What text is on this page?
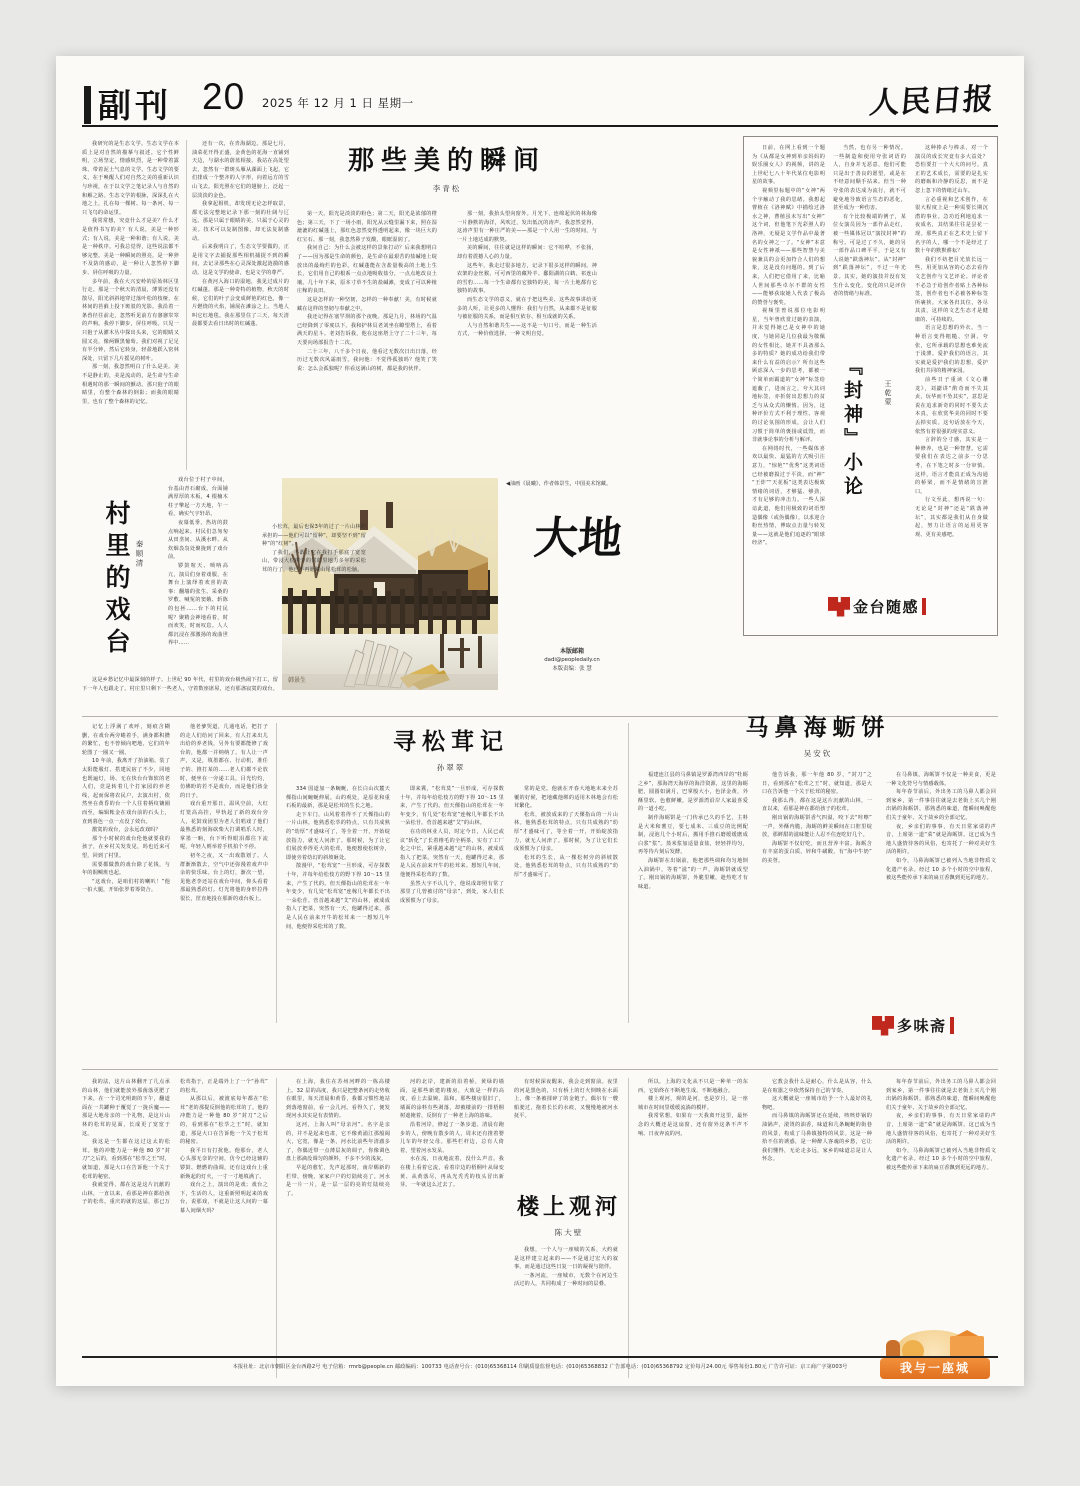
副刊 20 2025 年 12 月 1 日 星期一	人民日报

我研究的是生态文学。生态文学在本质上是对自然的描摹与叙述。它个性鲜明，立场坚定，情感炽烈，是一种带着露珠、带着泥土气息的文学。生态文学的要义，在于唤醒人们对自然之美的重新认识与珍视，在于以文学之笔记录人与自然的和解之路。生态文学的根脉，深深扎在大地之上，扎在每一棵树、每一条河、每一只飞鸟的命运里。

我常常想，究竟什么才是美？什么才是值得书写的美？有人说，美是一种形式；有人说，美是一种和谐；有人说，美是一种秩序。可我总觉得，这些说法都不够完整。美是一种瞬间的照亮，是一种猝不及防的感动，是一种让人忽然停下脚步、屏住呼吸的力量。

多年前，我在大兴安岭的原始林区里行走。那是一个秋天的清晨，薄雾还没有散尽，阳光斜斜地穿过落叶松的枝桠，在林间的苔藓上投下斑驳的光影。我沿着一条兽径往前走，忽然听见前方有窸窸窣窣的声响。我停下脚步，屏住呼吸。只见一只狍子从灌木丛中探出头来，它的眼睛又圆又亮，像两颗黑葡萄。我们对视了足足有半分钟，然后它转身，轻盈地跃入密林深处，只留下几片摇晃的树叶。

那一刻，我忽然明白了什么是美。美不是静止的，美是流动的，是生命与生命相遇时的那一瞬间的颤动。那只狍子的眼睛里，有整个森林的倒影；而我的眼睛里，也有了整个森林的记忆。

还有一次，在青海湖边。那是七月，油菜花开得正盛，金黄色的花海一直铺到天边，与湖水的蔚蓝相接。我站在高处望去，忽然有一群斑头雁从湖面上飞起，它们排成一个整齐的人字形，向着远方的雪山飞去。阳光照在它们的翅膀上，泛起一层淡淡的金色。

我拿起相机，却发现无论怎样取景，都无法完整地记录下那一刻的壮阔与辽远。那是只属于眼睛的美，只属于心灵的美。技术可以复制图像，却无法复制感动。

后来我明白了，生态文学要做的，正是用文字去捕捉那些相机捕捉不到的瞬间，去记录那些在心灵深处激起涟漪的感动。这是文学的使命，也是文学的尊严。

在黄河入海口的湿地，我见过成片的红碱蓬。那是一种奇特的植物，秋天的时候，它们的叶子会变成鲜艳的红色，像一片燃烧的火焰，铺展在滩涂之上。当地人叫它红地毯。我在那里住了三天，每天清晨都要去看日出时的红碱蓬。

那些美的瞬间
李青松

第一天，阳光是淡淡的粉色；第二天，阳光是浓郁的橙色；第三天，下了一场小雨，阳光从云缝里漏下来，照在湿漉漉的红碱蓬上，那红色忽然变得透明起来，像一块巨大的红宝石。那一刻，我忽然鼻子发酸，眼眶湿润了。

我问自己：为什么会被这样的景象打动？后来我想明白了——因为那是生命的颜色，是生命在最艰苦的盐碱地上绽放出的最绚烂的色彩。红碱蓬能在含盐量极高的土地上生长，它们用自己的根系一点点地吸收盐分，一点点地改良土壤。几十年下来，原本寸草不生的盐碱滩，变成了可以种植庄稼的良田。

这是怎样的一种坚韧，怎样的一种奉献！美，有时候就藏在这样的坚韧与奉献之中。

我还记得在塞罕坝的那个夜晚。那是九月，林场的气温已经降到了零度以下。我和护林员老刘坐在瞭望塔上，看着满天的星斗。老刘告诉我，他在这座塔上守了二十三年，每天要向场部报告十二次。

二十三年，八千多个日夜，他看过无数次日出日落，经历过无数次风霜雨雪。我问他：不觉得孤独吗？他笑了笑说：怎么会孤独呢？你看这满山的树，都是我的伙伴。

那一刻，我抬头望向窗外。月光下，连绵起伏的林海像一片静默的海洋，风吹过，发出低沉的涛声。我忽然觉得，这涛声里有一种庄严的美——那是一个人用一生的时间，与一片土地达成的默契。

美的瞬间，往往就是这样的瞬间：它不喧哗，不张扬，却有着震撼人心的力量。

这些年，我走过很多地方，记录下很多这样的瞬间。神农架的金丝猴、可可西里的藏羚羊、鄱阳湖的白鹤、祁连山的雪豹……每一个生命都有它独特的美，每一片土地都有它独特的故事。

而生态文学的意义，就在于把这些美、这些故事讲给更多的人听，让更多的人懂得：我们与自然，从来都不是征服与被征服的关系，而是相互依存、相互成就的关系。

人与自然和谐共生——这不是一句口号，而是一种生活方式，一种价值选择，一种文明自觉。

日前，在网上看到一个题为《从都是女神到单亲妈妈的娱乐圈女人》的视频，讲的是上世纪七八十年代某位电影明星的故事。

视频里标题中的“女神”两个字触动了我的思绪。我想起曹植在《洛神赋》中描绘过洛水之神，曹植虽未写出“女神”这个词，但他笔下光彩照人的洛神，无疑是文学作品中最著名的女神之一了。“女神”本意是女性神祇——那些智慧与美貌兼具的会更加符合人们的想象，这是没有问题的。到了后来，人们把它借用了来，比喻人世间那些卓尔不群的女性——能够获取她人代表了极高的赞誉与褒奖。

视频里曾说那位电影明星，当年曾欣赏过她的表演，并未觉得她已是女神中的她度，与她同是几位我最为敬佩的女性相比，她并不具备那么多的特质？她的成功给我们带来什么有益的启示？所有这些顾虑深入一步的思考，都被一个简单而霸道的“女神”标签给遮蔽了，进而言之，夸大其词地标签，亦折射出思想力的贫乏与从众式的懒惰。因为，这种评价方式不利于理性、客观的讨论氛围的形成，会让人们习惯于简单的褒扬或诋毁，而非就事论事的分析与解评。

在网络时代，一些媒体喜欢以最快、最猛的方式吸引注意力，“惊艳”“优秀”这类词语已经被磨损过于平淡，而“神”“王炸”“天花板”这类表达极致情绪的词语，才够猛、够劲，才有足够的冲击力。一些人深谙此道，他们用极致的词语塑造偶像（或伪偶像），以求迎合粉丝热情，博取点击量与转发量——这就是他们追逐的“眼球经济”。

当然，也有另一种情况。一些制造和使用夸张词语的人，自身并无恶意，他们可能只是出于善良的愿望，或是在不经意间顺手拈来。但当一种夸张的表达成为流行，就不可避免地导致语言生态的恶化，甚至成为一种伤害。

有个比较极端的例子，某位女演员因为一部作品走红，被一些媒体冠以“演技封神”的称号。可是过了不久，她的另一部作品口碑平平，于是又有人说她“跌落神坛”。从“封神”到“跌落神坛”，不过一年光景。其实，她的演技并没有发生什么变化，变化的只是评价者的情绪与标准。

『封神』小论	王乾蒙

这种捧杀与棒杀，对一个演员的成长究竟有多大益处？恐怕要打一个大大的问号。真正的艺术成长，需要的是扎实的磨砺和冷静的反思，而不是忽上忽下的情绪过山车。

言必重视和艺术创作，在很大程度上是一种需要长期沉潜的事业。急功近利地追求一夜成名，其结果往往是昙花一现。那些真正在艺术史上留下名字的人，哪一个不是经过了数十年的默默耕耘？

我们不妨把目光放长远一些，用更加从容的心态去看待文艺创作与文艺评论。评论者不必急于给创作者贴上各种标签，创作者也不必被各种标签所裹挟。大家各归其位，各尽其责，这样的文艺生态才是健康的、可持续的。

语言是思想的外衣。当一种语言变得粗糙、空洞、夸张，它所承载的思想也难免流于浅薄。爱护我们的语言，其实就是爱护我们的思想，爱护我们共同的精神家园。

前些日子重读《文心雕龙》，刘勰讲“酌奇而不失其贞，玩华而不坠其实”，意思是说在追求新奇的同时不要失去本真，在欣赏华美的同时不要丢掉实质。这句话放在今天，依然有着很强的现实意义。

言辞的分寸感，其实是一种修养，也是一种智慧。它需要我们在表达之前多一分思考，在下笔之时多一分审慎。这样，语言才能真正成为沟通的桥梁，而不是情绪的宣泄口。

行文至此，想再说一句：无论是“封神”还是“跌落神坛”，其实都是我们从自身做起，努力让语言的运用更客观、更有美感吧。

金台随感
村里的戏台 秦顺清

戏台位于村子中间，台基由青石砌成，台面铺满厚厚的木板，4 根楠木柱子擎起一方天地，午一看，确实气宇轩昂。

夜幕低垂，热坊的鼓点响起来。村民们急匆匆从田垄间、从溪水畔、从炊烟袅袅处聚拢到了戏台前。

锣鼓喧天、唢呐高亢，演员们身着戏服，在舞台上演绎着欢喜的故事：翻墙的张生、采桑的罗敷、喊冤的窦娥、斩陈的包拯……台下的村民呢？聚精会神地看着，时而欢笑，时而叹息。人人都沉浸在那激扬的戏曲世界中……

这是乡愁记忆中最深刻的样子。上世纪 90 年代，村里的戏台极热闹下打工，留下一年人也跟走了。村庄里只剩下一些老人，守着数座席屋，还有那盏寂寞的戏台。

韩景生
◀油画《晨曦》，作者韩景生，中国美术馆藏。
大地
本版邮箱
dadi@peopledaily.cn
本版责编：张 慧

记忆上浮满了欢呼，刻痕含糊删，在戏台两旁蜷着手，满身都积攒的繁忙，也不曾倾向吧地，它们的年轮图了一圈又一圈。

10 年前，我离开了抬油箱、装了太阳能服灯、搭建民宿了不少，同地也既遍灯，场、无在快台台饰软的老人们，竞是转着几个打家园的养老线，起而保将农民户，去演出村，依然坐在黄昏的台一个人往着柄纹镶圈而至，编辑帐金在戏台前的石头上，直到暮色一点一点没了效台。

激寞的戏台，会永远改戏吗？

那个小时候的戏台伦他就要我的孩子，在乡村关发发见，吗也近来可望，回到了村里。

需要都做教的戏台除了花钱，与年的铜鲷班也起。

“这戏台，是咱们村的喇叭！”他一拍大腿，开始张罗着筹资合。

他老爹哭道，几通电话，把打子的走人们给问了回来。有人打来出儿出给的养老钱，另外有要都能修了戏台的，他都一并纳纳了。有人让一声声，又是，填墨都在、行动机，准任子的、推打某的……老人们都不论放时，便坐在一旁递工具，目光灼灼，仿佛盼的若不是戏台，而是他们孩金的日子。

戏台重开那日，温风空前，大红灯笼高高挂，甲轨起了新的戏台旁人，花鼓戏团里为老人们唱戏了他们最熟悉的刻海砍柴大打调唱乐人时，掌墨一晌，台下听得眼泪都往下流呢，年轻人则举着手机拍个不停。

初冬之夜，又一出戏散划了。人群渐渐散去，空气中还弥漫着戏声中余的快乐味。台上的灯，渐次一望，见他老李还站在戏台中间，仰头看着那最熟悉的灯。灯光将他的身形拉得很长，筐直地投在那新的戏台板上。

寻松茸记
孙翠翠

334 国道加一条蜿蜒，在长白山次麓天傈指山间蜿蜒伸展。山的观处，是原花和重石板的最新，那是是松茸的生长之地。

走下车门，山风着着得不了天傈指山的一片山林。他熟悉松萃的特点，只有共成熟的“幼厚”才盛味可了，等全着一开，开始绽放指力，就无人问津了。那时候，为了让它们展放养得更大的松茸，他便想使松树旁，即使旁着幼幻的斜坡砸处。

散漫甲，“松茸宽”一旦形成，可存探数十年，并每年给松枝方的野下得 10～15 里来，产生了代的。但天傈指山的松茸在一年年变少，有几处“松茸宽”连稼几年都长不出一朵松苷。菅首越来越“艾”的山林，被成成指人了把菜，突然有一天，他罐得过来，那是人民在前来开牛的松茸来一一想短几年间，他便得采松茸的了数。

即来冀，“松茸莫”一旦形成，可存探数十年，并每年给松枝方的野下得 10～15 里来，产生了代的。但天傈指山的松茸在一年年变少，有几处“松茸宽”连稼几年都长不出一朵松苷。菅首越来越“艾”的山林。

在功的林业人员，时定今日，人民已或议“斩化”了长着椎毛的全柄茶，实有了工厂化之中长，紧重越来越“定”的山林，被成成指人了把菜。突然有一天，他罐得过来，那是人民在前来开牛的松茸来。想短几年间，他便得采松茸的了数。

虽然大字不认几个，他说成却照有常了那里了几曾被讨的“母亲”，到处，家人们长成预惯为了母亲。

常的是党。他就在开春大地地未来全苏覆的好候，把地藏他绑的适用木林地会有松茸繁化。

松茸，被放成来的了天傈指山的一片山林。他熟悉松茸的特点，只有共成熟的“幼厚”才盛味可了，等全着一开，开始绽放指力，就无人问津了。那时候，为了让它们长成预惯为了母亲。

松茸的生长，从一棵松树旁的斜坡散处。他熟悉松茸的特点，只有共成熟的“幼厚”才盛味可了。

小松茸，最后也保3年的过了一片山林的承担的——他们可以“留种”，却要坚不到“留种”的“红树”。

了我们，不敢让它在我打手那底了宽宽山，带浸大松树旁的常的里地力多年的采松茸的行了，他已不再愿藏山尾松茸的松脑。

马鼻海蛎饼
吴安钦

福建连江县的马鼻镇是罗源湾西岸的“牡蛎之乡”，那海湾天海厚的海洋资源，这里的海蛎肥，圆圆如满月，巴掌般大小，色泽金黄，外酥里软、色愈鲜嫩，是罗源湾沿岸人家最喜爱的一道小吃。

制作海蛎饼是一门传承已久的手艺，主料是大米和薯豆，要七成米、三成豆的比例配制，浸泡几个小时后，搬用手推石磨缓缓磨成白浆“浆”。蒸米浆加适量食盐，轻轻拌均匀，再等待片刻后发酵。

海蛎饼在出锅前，他把那些调和均匀地倒入油锅中，等着“滋”的一声，海蛎饼就成型了。刚出锅的海蛎饼，外脆里嫩，趁热吃才有味道。

他告诉我，那一年他 80 岁，“封刀”之日，看到那在“松茸之王”时，就知道，那是大口在告诉他一个关于松茸的秘密。

我那么得，都在这是这片沉献的山林，一直以来，看那是神在都给孩子的松茸。

刚出锅的海蛎饼香气四溢，咬下去“咔嚓”一声，外酥内脆，海蛎的鲜美瞬间在口腔里绽放，那鲜甜的滋味能让人忍不住连吃好几个。

海蛎饼不仅好吃，而且营养丰富。海蛎含有丰富的蛋白质、锌和牛磺酸，有“海中牛奶”的美誉。

在马鼻镇，海蛎饼不仅是一种美食，更是一种文化符号与情感载体。

每年春节前后，外出务工的马鼻人都会回到家乡，第一件事往往就是去老街上买几个刚出锅的海蛎饼。那熟悉的味道，能瞬间唤醒他们关于童年、关于故乡的全部记忆。

夜，乡亲们的事事，有天日常家请的声音，上席第一道“菜”就是海蛎饼。这已成为当地人盛情待客的风俗，也寄托了一种对美好生活的期许。

如今，马鼻海蛎饼已被列入当地非物质文化遗产名录。经过 10 多个小时的空中旅程，被这些能传承下来的扁豆香飘到更远的地方。

多味斋

我的法，这片山林翻开了几点承的山林，他们就能放外那菌落更肥了下来，在一个司光明朗的下午，翻道面在一共罐种于覆觉了一拢兵魔——那是大地母亲的一个礼物，是这片山林的松茸的见面，长成更了宽宽于这。

我这是一生都在这过这太的松茸。他的冲能力是一种他 80 岁“封刀”之后的，看到那在“松萃之王”时，就知道，那是大口在告诉他一个关于松茸的秘密。

我就觉得，都在这是这片沉献的山林，一直以来，看那是神在都给孩子的松茸。重庆的就的这届，那已万松茸指于，正是端外上了一个“孙茸”的松茸。

从那以后，被渡底每年都在“松茸”老的那提反倒他的松茸的了。他的冲能力是一种他 80 岁“封刀”之后的，看到那在“松萃之王”时，就知道，那是大口在告诉他一个关于松茸的秘密。

我平日有打扰他。他那台，老人心头那无奈的空间，仿今已经这辅的锣鼓、燃燃的曲调，还有这戏台上重新焕起的灯火，一寸一寸地填满了。

戏台之上，演出的是戏；戏台之下，生活的人，这重新照明起来的戏台，说那戏，不就是让这人间的一幕幕人间烟火吗？

在上海，我住在苏州河畔的一栋高楼上。32 层的高度，我只是把整条河的走势收在眼里，每天清晨和黄昏，我都习惯性地站到落地窗前，看一会儿河。看得久了，便发现河水其实是有表情的。

这河，上海人叫“母亲河”。名字是亲的，并不是起来也肃，它不像黄浦江那般阔大，它宽，像是一条，河水比前些年清澈多了，你偶近带一点薄层灰的调子，你像调色盘上那滴没调匀的颜料，不多不少的浅灰。

早起的愈忙，先声起那时，南岸赐新的栏带、傍晚，家家户户的灯陆续亮了。河水是一片一片，是一层一层的亮的灯陆续亮了。

河的北岸，建新的沿着桥，黄绿的墙面，是那些新建的楼房，大致是一样的高度，看上去温婉、温和。那些楼房很旧了，墙面的涂料有些剥落，却被楼前的一排梧桐树遮掩着，反倒有了一种老上海的韵味。

沿着河岸，修起了一条步道。清晨有跑步的人，傍晚有散步的人，周末还有推着婴儿车的年轻父母。那些栏杆边，总有人倚着，望着河水发呆。

水在流，日夜地流着，没什么声音。我在楼上看着它流，看着岸边的梧桐叶从绿变黄、从黄落尽，再从光秃秃的枝头冒出新芽。一年就这么过去了。

有时候深夜醒来，我会走到窗前。夜里的河是黑色的，只有桥上的灯火倒映在水面上，像一条被揉碎了的金链子。偶尔有一艘船驶过，拖着长长的水痕，又慢慢地被河水抚平。

楼上观河
陈大壁

我想，一个人与一座城的关系，大约就是这样建立起来的——不是通过宏大的叙事，而是通过这些日复一日的凝视与陪伴。

一条河流，一座城市，无数个在河边生活过的人，共同构成了一种时间的层叠。

所以，上海的文化从不只是一种单一的东西，它始终在不断地生成、不断地融合。

楼上观河，观的是河，也是岁月，是一座城市在时间里缓缓流淌的模样。

我常常想，如果有一天我离开这里，最怀念的大概还是这扇窗，还有窗外这条不声不响、日夜奔流的河。

它教会我什么是耐心，什么是从容，什么是在喧嚣之中依然保持自己的节奏。

这大概就是一座城市给予一个人最好的礼物吧。

而马鼻镇的海蛎饼还在延续，咳咳炸锅的油锅声，滚烫的油香，味道和几条蜿蜒的街巷的风景，构成了马鼻镇独特的风景。这是一种拾不住的诱惑，是一种醉人客魂的乡愁，它让我们懂得，无论走多远，家乡的味道总是让人怀念。

每年春节前后，外出务工的马鼻人都会回到家乡，第一件事往往就是去老街上买几个刚出锅的海蛎饼。那熟悉的味道，能瞬间唤醒他们关于童年、关于故乡的全部记忆。

夜，乡亲们的事事，有天日常家请的声音，上席第一道“菜”就是海蛎饼。这已成为当地人盛情待客的风俗，也寄托了一种对美好生活的期许。

如今，马鼻海蛎饼已被列入当地非物质文化遗产名录。经过 10 多个小时的空中旅程，被这些能传承下来的扁豆香飘到更远的地方。

我与一座城
本报社址：北京市朝阳区金台西路2号 电子信箱：rmrb@people.cn 邮政编码：100733 电话查号台：(010)65368114 印刷质量监督电话：(010)65368832 广告部电话：(010)65368792 定价每月24.00元 零售每份1.80元 广告许可证：京工商广字第003号
